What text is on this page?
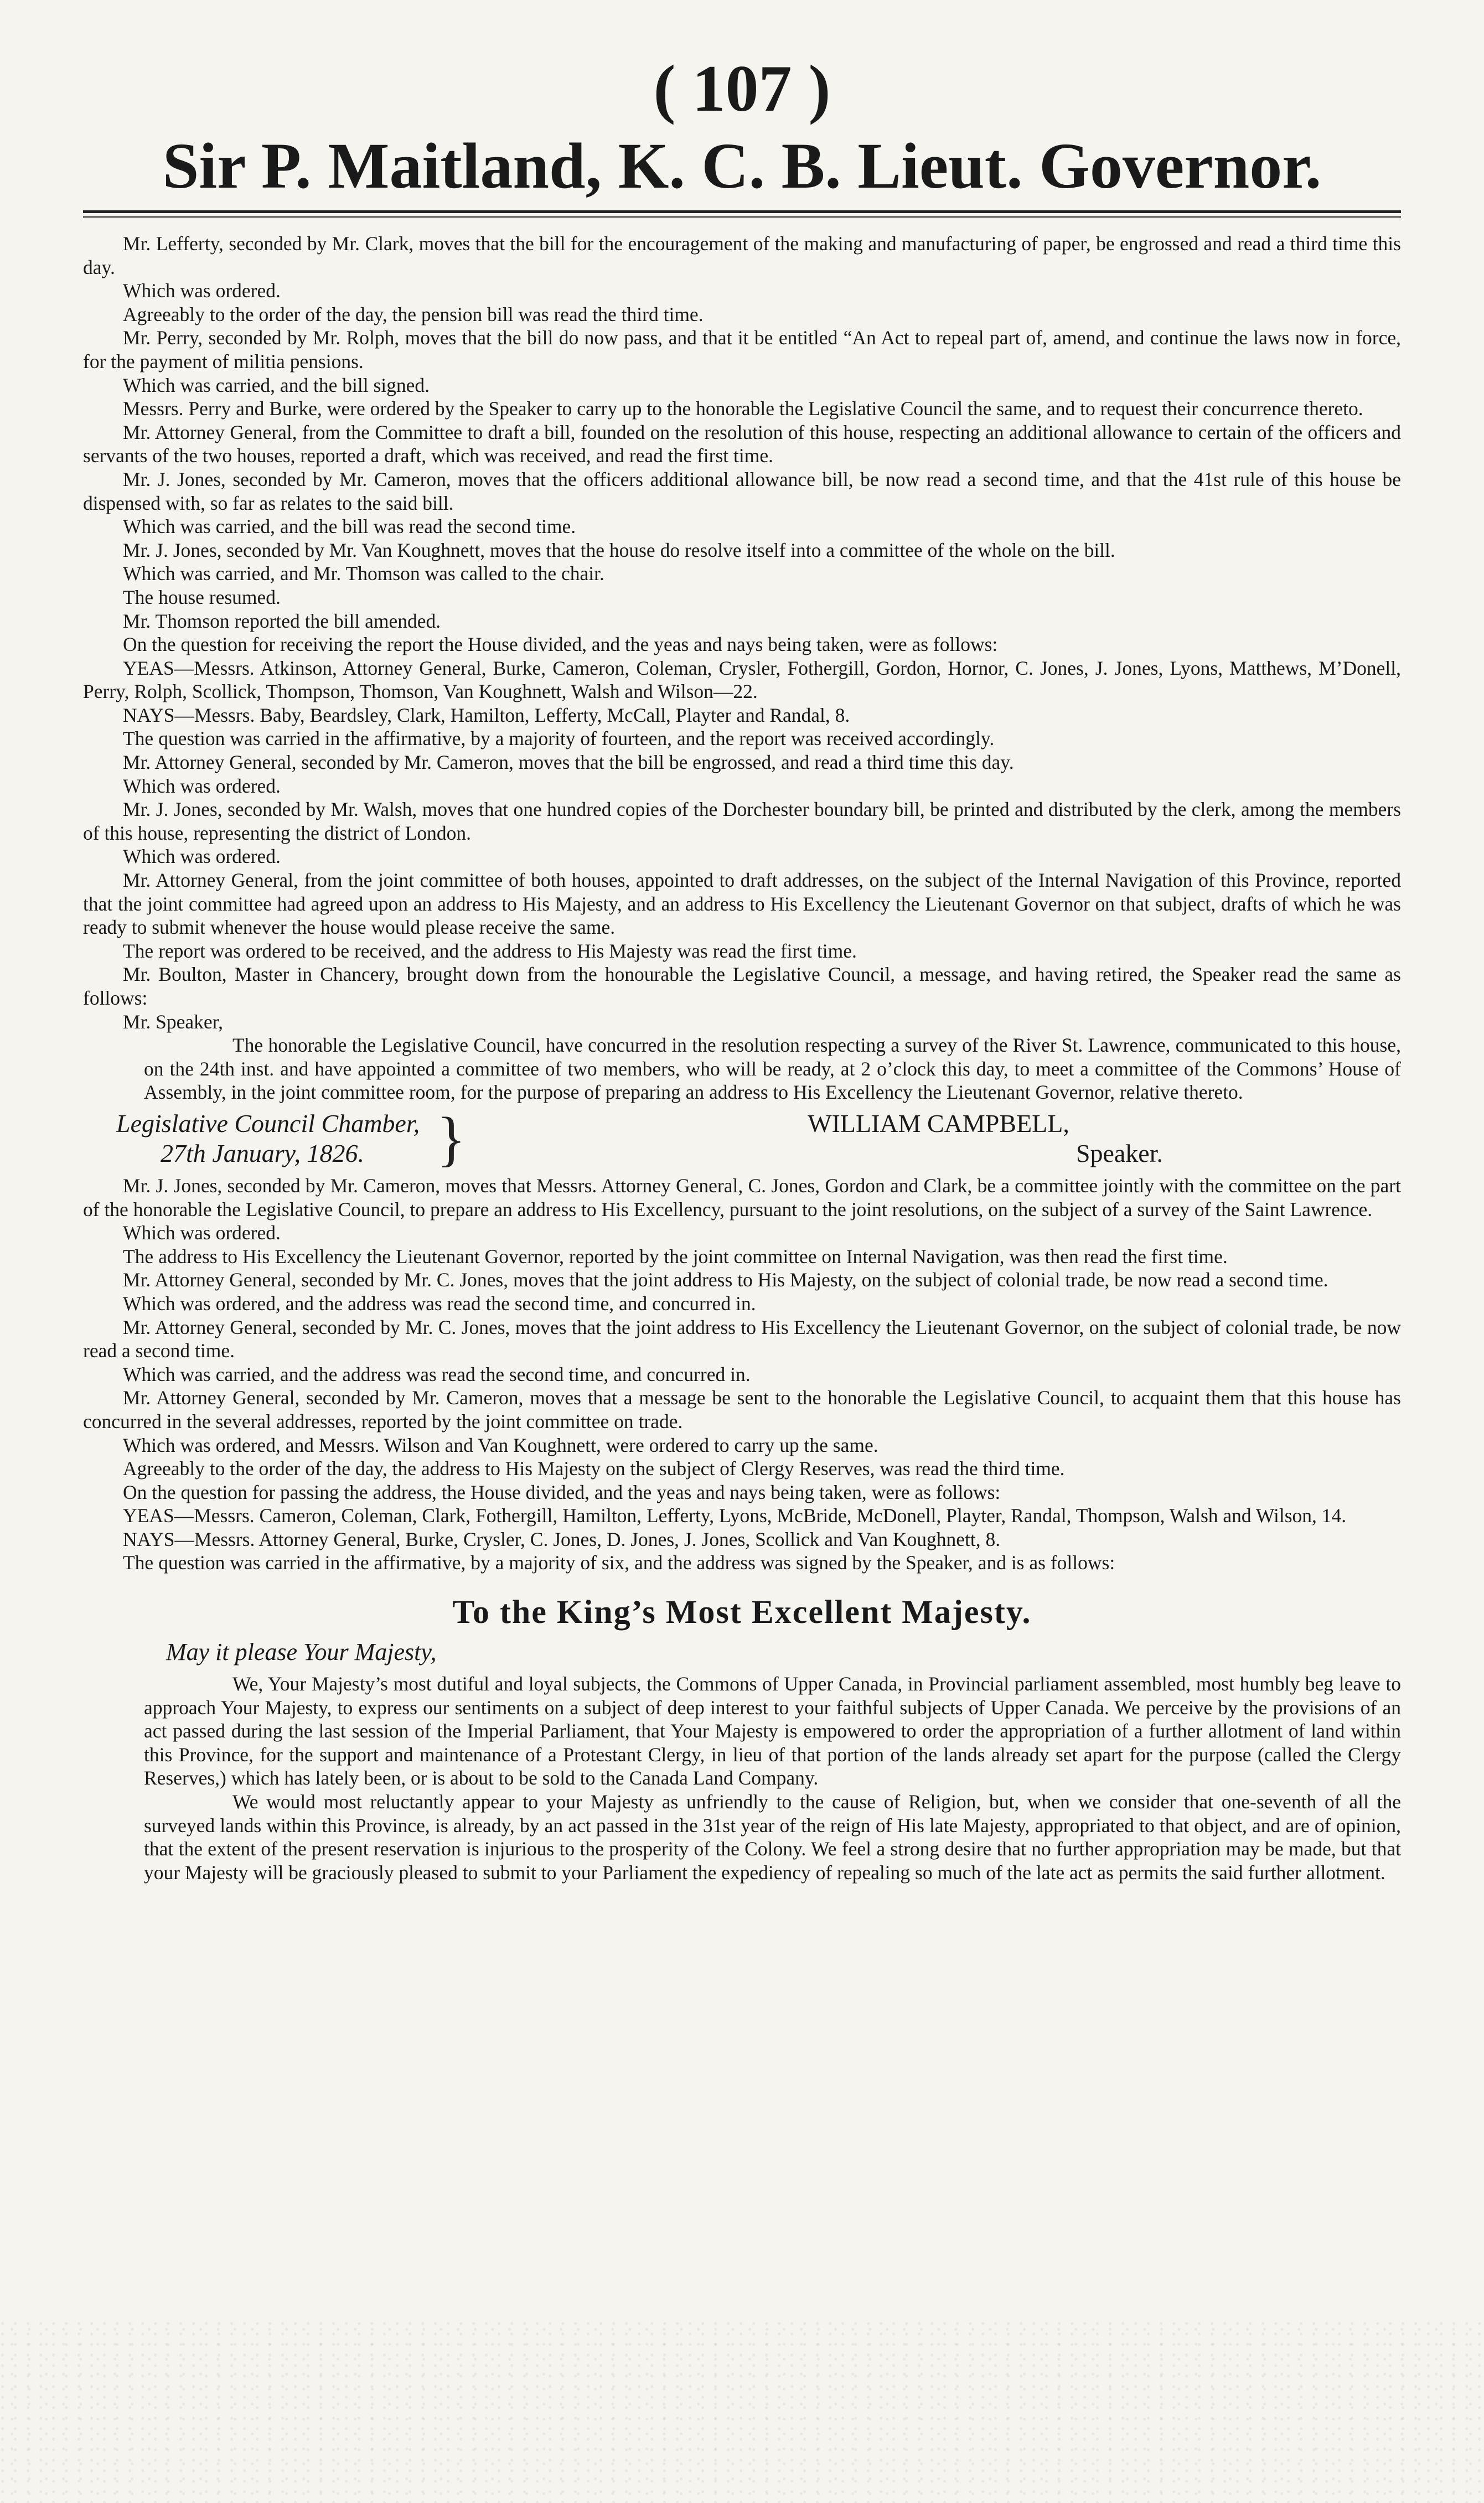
( 107 )
Sir P. Maitland, K. C. B. Lieut. Governor.

Mr. Lefferty, seconded by Mr. Clark, moves that the bill for the encouragement of the making and manufacturing of paper, be engrossed and read a third time this day.

Which was ordered.

Agreeably to the order of the day, the pension bill was read the third time.

Mr. Perry, seconded by Mr. Rolph, moves that the bill do now pass, and that it be entitled “An Act to repeal part of, amend, and continue the laws now in force, for the payment of militia pensions.

Which was carried, and the bill signed.

Messrs. Perry and Burke, were ordered by the Speaker to carry up to the honorable the Legislative Council the same, and to request their concurrence thereto.

Mr. Attorney General, from the Committee to draft a bill, founded on the resolution of this house, respecting an additional allowance to certain of the officers and servants of the two houses, reported a draft, which was received, and read the first time.

Mr. J. Jones, seconded by Mr. Cameron, moves that the officers additional allowance bill, be now read a second time, and that the 41st rule of this house be dispensed with, so far as relates to the said bill.

Which was carried, and the bill was read the second time.

Mr. J. Jones, seconded by Mr. Van Koughnett, moves that the house do resolve itself into a committee of the whole on the bill.

Which was carried, and Mr. Thomson was called to the chair.

The house resumed.

Mr. Thomson reported the bill amended.

On the question for receiving the report the House divided, and the yeas and nays being taken, were as follows:

YEAS—Messrs. Atkinson, Attorney General, Burke, Cameron, Coleman, Crysler, Fothergill, Gordon, Hornor, C. Jones, J. Jones, Lyons, Matthews, M’Donell, Perry, Rolph, Scollick, Thompson, Thomson, Van Koughnett, Walsh and Wilson—22.

NAYS—Messrs. Baby, Beardsley, Clark, Hamilton, Lefferty, McCall, Playter and Randal, 8.

The question was carried in the affirmative, by a majority of fourteen, and the report was received accordingly.

Mr. Attorney General, seconded by Mr. Cameron, moves that the bill be engrossed, and read a third time this day.

Which was ordered.

Mr. J. Jones, seconded by Mr. Walsh, moves that one hundred copies of the Dorchester boundary bill, be printed and distributed by the clerk, among the members of this house, representing the district of London.

Which was ordered.

Mr. Attorney General, from the joint committee of both houses, appointed to draft addresses, on the subject of the Internal Navigation of this Province, reported that the joint committee had agreed upon an address to His Majesty, and an address to His Excellency the Lieutenant Governor on that subject, drafts of which he was ready to submit whenever the house would please receive the same.

The report was ordered to be received, and the address to His Majesty was read the first time.

Mr. Boulton, Master in Chancery, brought down from the honourable the Legislative Council, a message, and having retired, the Speaker read the same as follows:

Mr. Speaker,

The honorable the Legislative Council, have concurred in the resolution respecting a survey of the River St. Lawrence, communicated to this house, on the 24th inst. and have appointed a committee of two members, who will be ready, at 2 o’clock this day, to meet a committee of the Commons’ House of Assembly, in the joint committee room, for the purpose of preparing an address to His Excellency the Lieutenant Governor, relative thereto.

Legislative Council Chamber,
27th January, 1826.	}	WILLIAM CAMPBELL,
Speaker.

Mr. J. Jones, seconded by Mr. Cameron, moves that Messrs. Attorney General, C. Jones, Gordon and Clark, be a committee jointly with the committee on the part of the honorable the Legislative Council, to prepare an address to His Excellency, pursuant to the joint resolutions, on the subject of a survey of the Saint Lawrence.

Which was ordered.

The address to His Excellency the Lieutenant Governor, reported by the joint committee on Internal Navigation, was then read the first time.

Mr. Attorney General, seconded by Mr. C. Jones, moves that the joint address to His Majesty, on the subject of colonial trade, be now read a second time.

Which was ordered, and the address was read the second time, and concurred in.

Mr. Attorney General, seconded by Mr. C. Jones, moves that the joint address to His Excellency the Lieutenant Governor, on the subject of colonial trade, be now read a second time.

Which was carried, and the address was read the second time, and concurred in.

Mr. Attorney General, seconded by Mr. Cameron, moves that a message be sent to the honorable the Legislative Council, to acquaint them that this house has concurred in the several addresses, reported by the joint committee on trade.

Which was ordered, and Messrs. Wilson and Van Koughnett, were ordered to carry up the same.

Agreeably to the order of the day, the address to His Majesty on the subject of Clergy Reserves, was read the third time.

On the question for passing the address, the House divided, and the yeas and nays being taken, were as follows:

YEAS—Messrs. Cameron, Coleman, Clark, Fothergill, Hamilton, Lefferty, Lyons, McBride, McDonell, Playter, Randal, Thompson, Walsh and Wilson, 14.

NAYS—Messrs. Attorney General, Burke, Crysler, C. Jones, D. Jones, J. Jones, Scollick and Van Koughnett, 8.

The question was carried in the affirmative, by a majority of six, and the address was signed by the Speaker, and is as follows:

To the King’s Most Excellent Majesty.
May it please Your Majesty,

We, Your Majesty’s most dutiful and loyal subjects, the Commons of Upper Canada, in Provincial parliament assembled, most humbly beg leave to approach Your Majesty, to express our sentiments on a subject of deep interest to your faithful subjects of Upper Canada. We perceive by the provisions of an act passed during the last session of the Imperial Parliament, that Your Majesty is empowered to order the appropriation of a further allotment of land within this Province, for the support and maintenance of a Protestant Clergy, in lieu of that portion of the lands already set apart for the purpose (called the Clergy Reserves,) which has lately been, or is about to be sold to the Canada Land Company.

We would most reluctantly appear to your Majesty as unfriendly to the cause of Religion, but, when we consider that one-seventh of all the surveyed lands within this Province, is already, by an act passed in the 31st year of the reign of His late Majesty, appropriated to that object, and are of opinion, that the extent of the present reservation is injurious to the prosperity of the Colony. We feel a strong desire that no further appropriation may be made, but that your Majesty will be graciously pleased to submit to your Parliament the expediency of repealing so much of the late act as permits the said further allotment.
